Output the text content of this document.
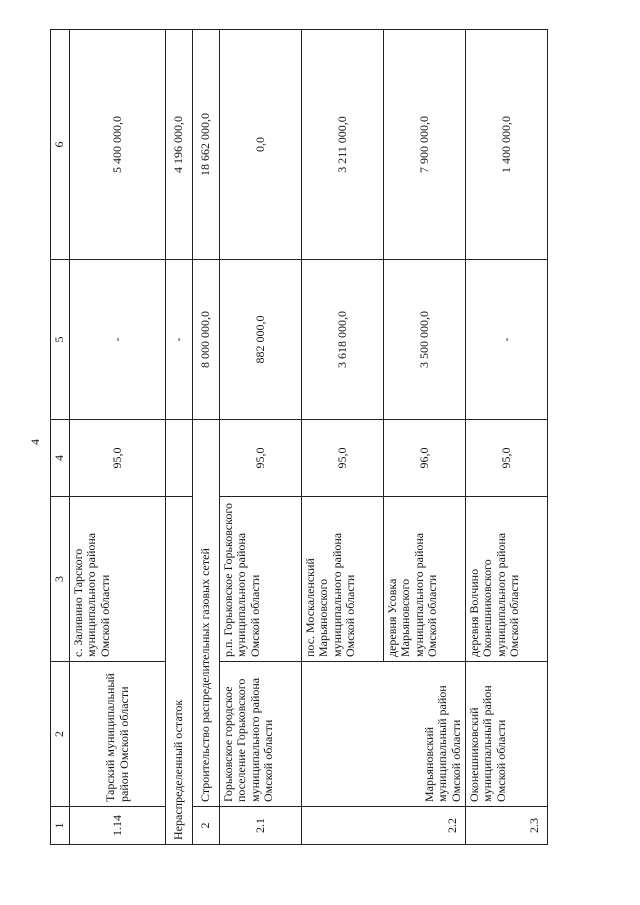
4
1	2	3	4	5	6
1.14	Тарский муниципальный район Омской области	с. Заливино Тарского муниципального района Омской области	95,0	-	5 400 000,0
Нераспределенный остаток				-	4 196 000,0
2	Строительство распределительных газовых сетей			8 000 000,0	18 662 000,0
2.1	Горьковское городское поселение Горьковского муниципального района Омской области	р.п. Горьковское Горьковского муниципального района Омской области	95,0	882 000,0	0,0
2.2	Марьяновский муниципальный район Омской области	пос. Москаленский Марьяновского муниципального района Омской области	95,0	3 618 000,0	3 211 000,0
		деревня Усовка Марьяновского муниципального района Омской области	96,0	3 500 000,0	7 900 000,0
2.3	Оконешниковский муниципальный район Омской области	деревня Волчино Оконешниковского муниципального района Омской области	95,0	-	1 400 000,0
